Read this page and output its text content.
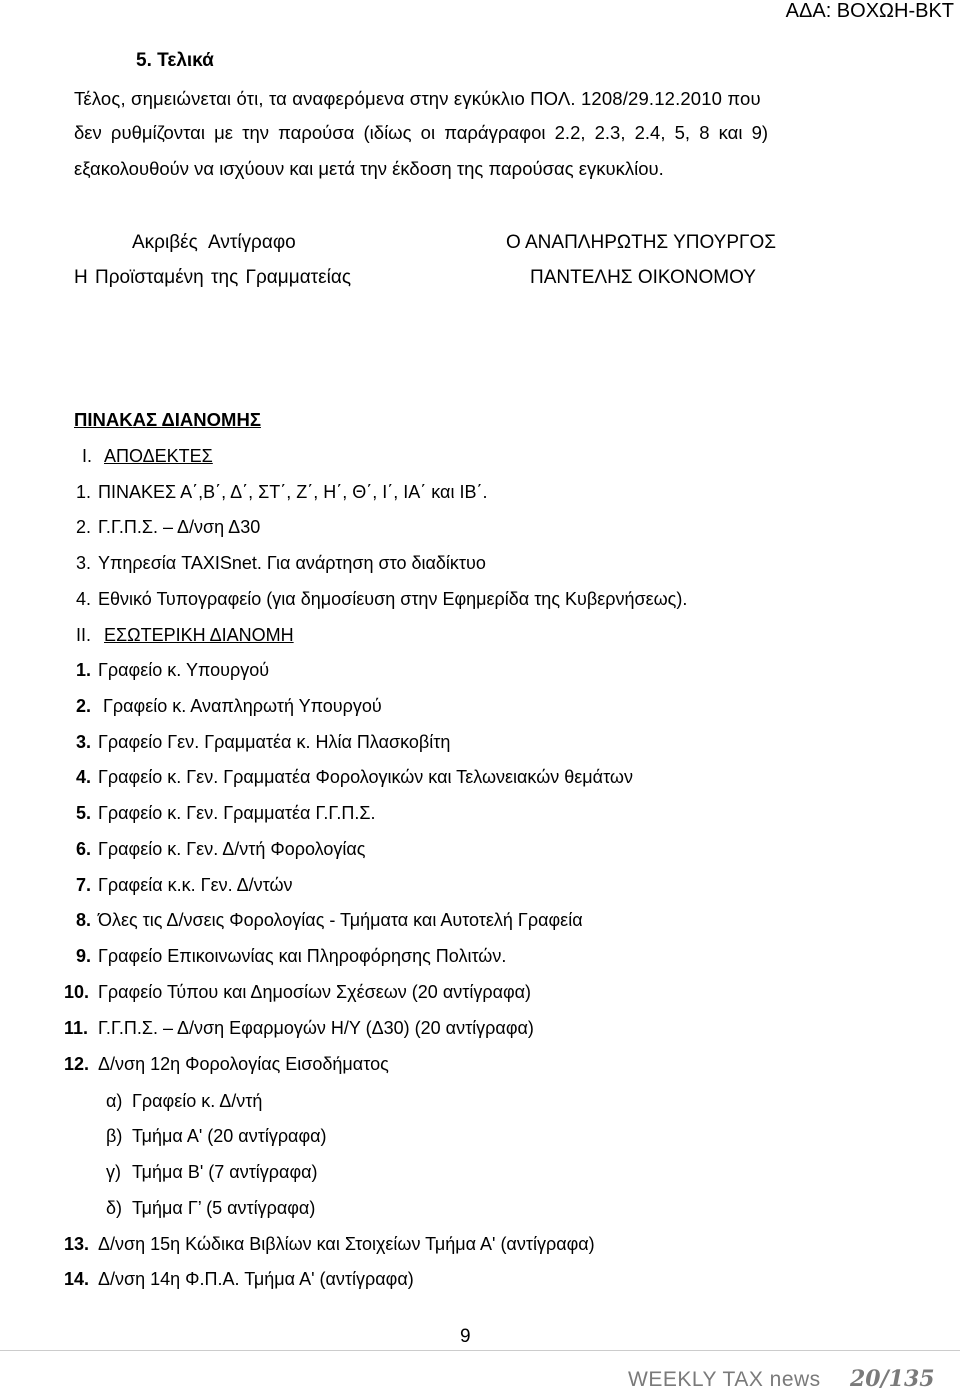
ΑΔΑ: ΒΟΧΩΗ-ΒΚΤ
5. Τελικά
Τέλος, σημειώνεται ότι, τα αναφερόμενα στην εγκύκλιο ΠΟΛ. 1208/29.12.2010 που
δεν ρυθμίζονται με την παρούσα (ιδίως οι παράγραφοι 2.2, 2.3, 2.4, 5, 8 και 9)
εξακολουθούν να ισχύουν και μετά την έκδοση της παρούσας εγκυκλίου.
Ακριβές Αντίγραφο
Η Προϊσταμένη της Γραμματείας
Ο ΑΝΑΠΛΗΡΩΤΗΣ ΥΠΟΥΡΓΟΣ
ΠΑΝΤΕΛΗΣ ΟΙΚΟΝΟΜΟΥ
ΠΙΝΑΚΑΣ ΔΙΑΝΟΜΗΣ
Ι. ΑΠΟΔΕΚΤΕΣ
1. ΠΙΝΑΚΕΣ Α΄,Β΄, Δ΄, ΣΤ΄, Ζ΄, Η΄, Θ΄, Ι΄, ΙΑ΄ και ΙΒ΄.
2. Γ.Γ.Π.Σ. – Δ/νση Δ30
3. Υπηρεσία TAXISnet. Για ανάρτηση στο διαδίκτυο
4. Εθνικό Τυπογραφείο (για δημοσίευση στην Εφημερίδα της Κυβερνήσεως).
ΙΙ. ΕΣΩΤΕΡΙΚΗ ΔΙΑΝΟΜΗ
1. Γραφείο κ. Υπουργού
2. Γραφείο κ. Αναπληρωτή Υπουργού
3. Γραφείο Γεν. Γραμματέα κ. Ηλία Πλασκοβίτη
4. Γραφείο κ. Γεν. Γραμματέα Φορολογικών και Τελωνειακών θεμάτων
5. Γραφείο κ. Γεν. Γραμματέα Γ.Γ.Π.Σ.
6. Γραφείο κ. Γεν. Δ/ντή Φορολογίας
7. Γραφεία κ.κ. Γεν. Δ/ντών
8. Όλες τις Δ/νσεις Φορολογίας - Τμήματα και Αυτοτελή Γραφεία
9. Γραφείο Επικοινωνίας και Πληροφόρησης Πολιτών.
10. Γραφείο Τύπου και Δημοσίων Σχέσεων (20 αντίγραφα)
11. Γ.Γ.Π.Σ. – Δ/νση Εφαρμογών Η/Υ (Δ30) (20 αντίγραφα)
12. Δ/νση 12η Φορολογίας Εισοδήματος
α) Γραφείο κ. Δ/ντή
β) Τμήμα Α' (20 αντίγραφα)
γ) Τμήμα Β' (7 αντίγραφα)
δ) Τμήμα Γ’ (5 αντίγραφα)
13. Δ/νση 15η Κώδικα Βιβλίων και Στοιχείων Τμήμα Α' (αντίγραφα)
14. Δ/νση 14η Φ.Π.Α. Τμήμα Α' (αντίγραφα)
9
WEEKLY TAX news 20/135
